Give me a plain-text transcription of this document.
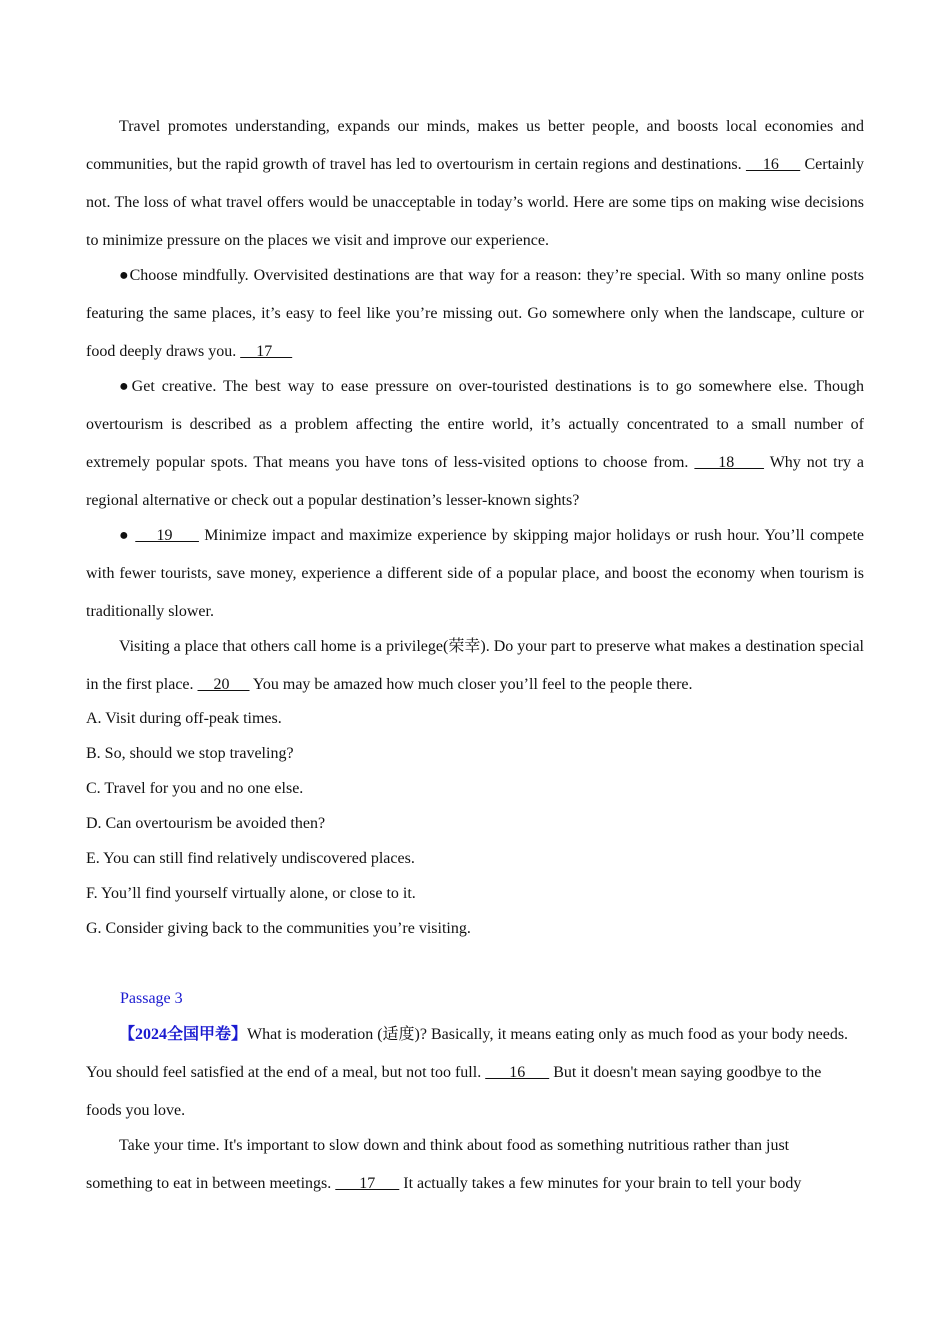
Travel promotes understanding, expands our minds, makes us better people, and boosts local economies and communities, but the rapid growth of travel has led to overtourism in certain regions and destinations.     16      Certainly not. The loss of what travel offers would be unacceptable in today’s world. Here are some tips on making wise decisions to minimize pressure on the places we visit and improve our experience.

●Choose mindfully. Overvisited destinations are that way for a reason: they’re special. With so many online posts featuring the same places, it’s easy to feel like you’re missing out. Go somewhere only when the landscape, culture or food deeply draws you.     17

●Get creative. The best way to ease pressure on over-touristed destinations is to go somewhere else. Though overtourism is described as a problem affecting the entire world, it’s actually concentrated to a small number of extremely popular spots. That means you have tons of less-visited options to choose from.     18      Why not try a regional alternative or check out a popular destination’s lesser-known sights?

●     19      Minimize impact and maximize experience by skipping major holidays or rush hour. You’ll compete with fewer tourists, save money, experience a different side of a popular place, and boost the economy when tourism is traditionally slower.

Visiting a place that others call home is a privilege(荣幸). Do your part to preserve what makes a destination special in the first place.     20      You may be amazed how much closer you’ll feel to the people there.

A. Visit during off-peak times.

B. So, should we stop traveling?

C. Travel for you and no one else.

D. Can overtourism be avoided then?

E. You can still find relatively undiscovered places.

F. You’ll find yourself virtually alone, or close to it.

G. Consider giving back to the communities you’re visiting.

Passage 3

【2024全国甲卷】What is moderation (适度)? Basically, it means eating only as much food as your body needs. You should feel satisfied at the end of a meal, but not too full.       16       But it doesn't mean saying goodbye to the foods you love.

Take your time. It's important to slow down and think about food as something nutritious rather than just something to eat in between meetings.       17       It actually takes a few minutes for your brain to tell your body
